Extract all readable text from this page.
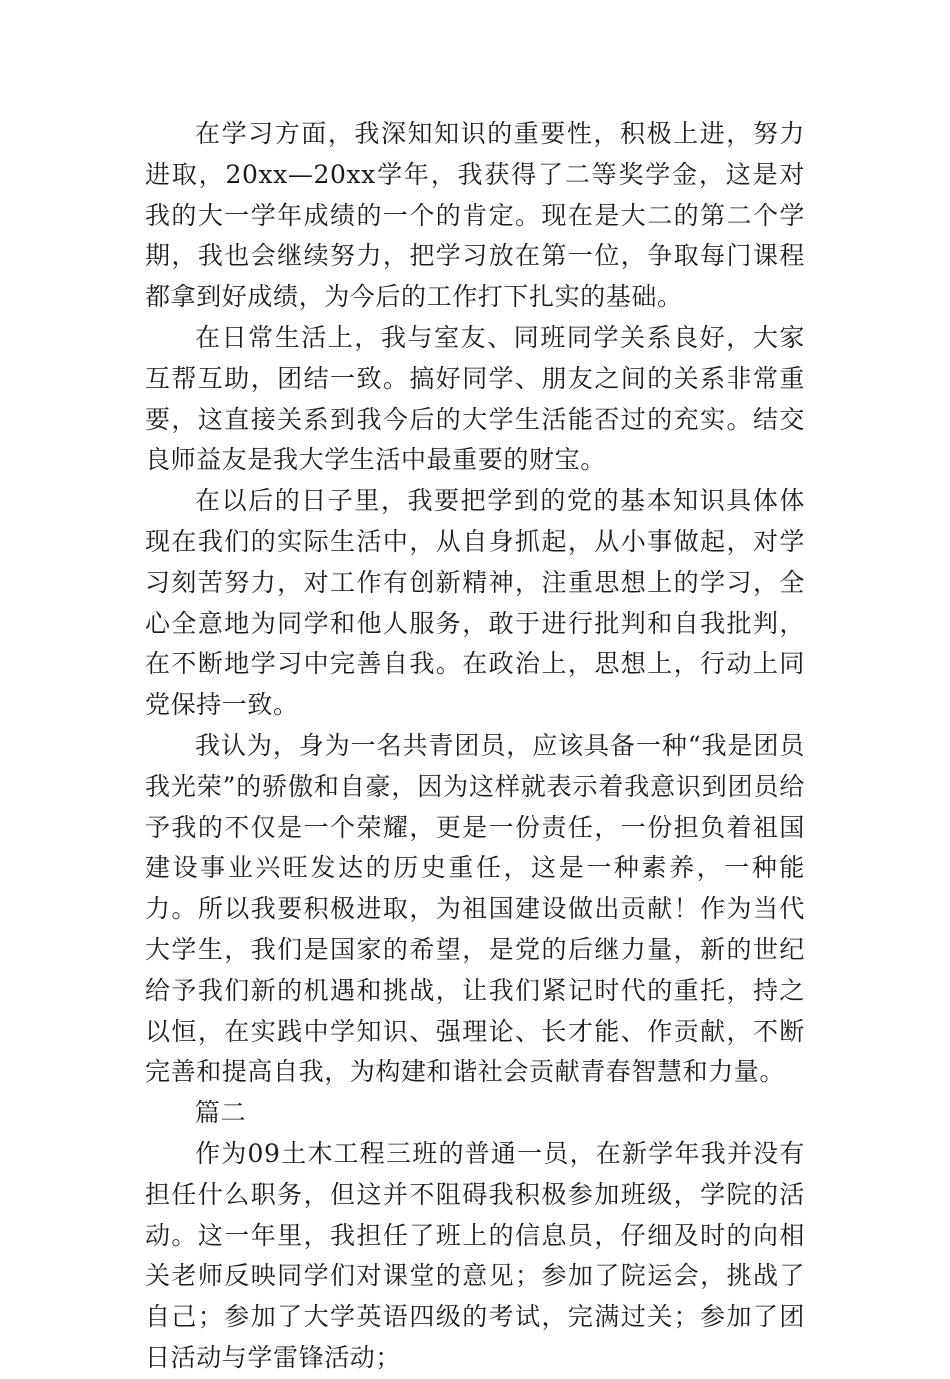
在学习方面，我深知知识的重要性，积极上进，努力进取，20xx—20xx学年，我获得了二等奖学金，这是对我的大一学年成绩的一个的肯定。现在是大二的第二个学期，我也会继续努力，把学习放在第一位，争取每门课程都拿到好成绩，为今后的工作打下扎实的基础。

在日常生活上，我与室友、同班同学关系良好，大家互帮互助，团结一致。搞好同学、朋友之间的关系非常重要，这直接关系到我今后的大学生活能否过的充实。结交良师益友是我大学生活中最重要的财宝。

在以后的日子里，我要把学到的党的基本知识具体体现在我们的实际生活中，从自身抓起，从小事做起，对学习刻苦努力，对工作有创新精神，注重思想上的学习，全心全意地为同学和他人服务，敢于进行批判和自我批判，在不断地学习中完善自我。在政治上，思想上，行动上同党保持一致。

我认为，身为一名共青团员，应该具备一种“我是团员我光荣”的骄傲和自豪，因为这样就表示着我意识到团员给予我的不仅是一个荣耀，更是一份责任，一份担负着祖国建设事业兴旺发达的历史重任，这是一种素养，一种能力。所以我要积极进取，为祖国建设做出贡献！作为当代大学生，我们是国家的希望，是党的后继力量，新的世纪给予我们新的机遇和挑战，让我们紧记时代的重托，持之以恒，在实践中学知识、强理论、长才能、作贡献，不断完善和提高自我，为构建和谐社会贡献青春智慧和力量。

篇二

作为09土木工程三班的普通一员，在新学年我并没有担任什么职务，但这并不阻碍我积极参加班级，学院的活动。这一年里，我担任了班上的信息员，仔细及时的向相关老师反映同学们对课堂的意见；参加了院运会，挑战了自己；参加了大学英语四级的考试，完满过关；参加了团日活动与学雷锋活动；
